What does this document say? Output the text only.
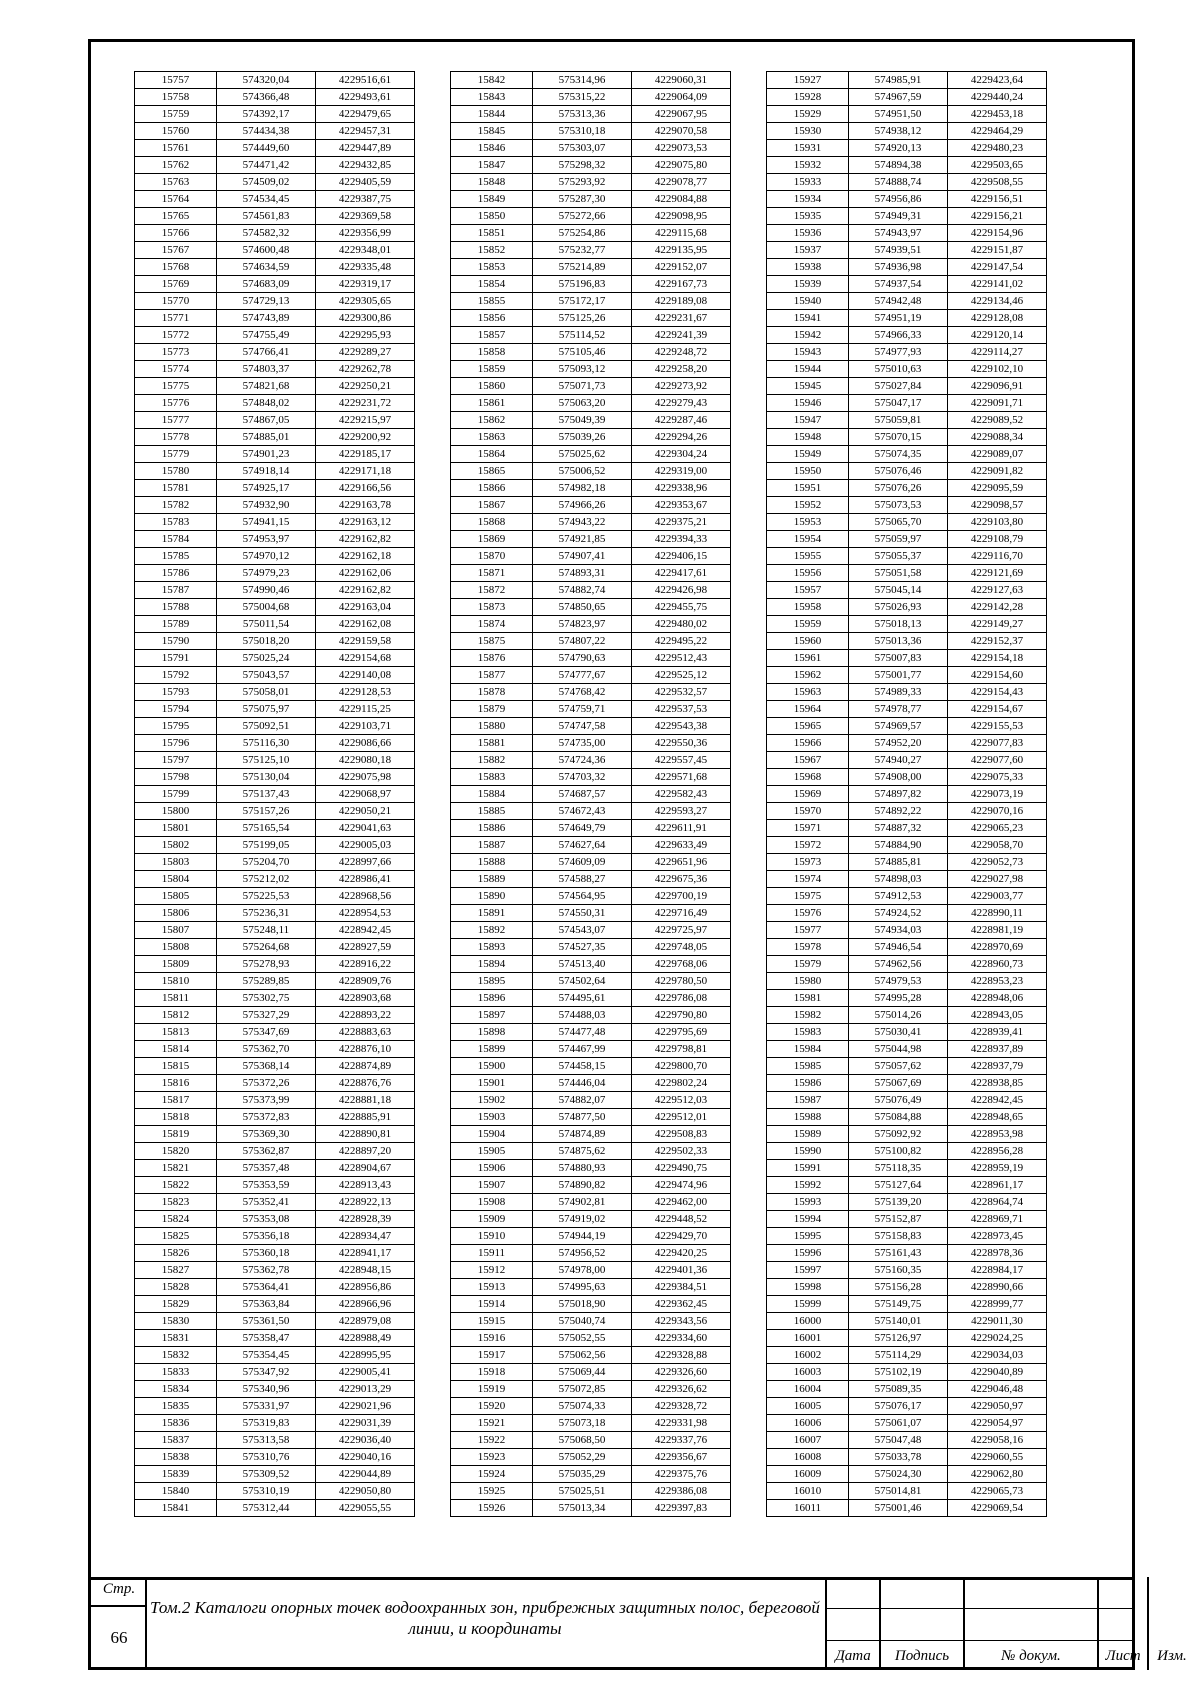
15757	574320,04	4229516,61
15758	574366,48	4229493,61
15759	574392,17	4229479,65
15760	574434,38	4229457,31
15761	574449,60	4229447,89
15762	574471,42	4229432,85
15763	574509,02	4229405,59
15764	574534,45	4229387,75
15765	574561,83	4229369,58
15766	574582,32	4229356,99
15767	574600,48	4229348,01
15768	574634,59	4229335,48
15769	574683,09	4229319,17
15770	574729,13	4229305,65
15771	574743,89	4229300,86
15772	574755,49	4229295,93
15773	574766,41	4229289,27
15774	574803,37	4229262,78
15775	574821,68	4229250,21
15776	574848,02	4229231,72
15777	574867,05	4229215,97
15778	574885,01	4229200,92
15779	574901,23	4229185,17
15780	574918,14	4229171,18
15781	574925,17	4229166,56
15782	574932,90	4229163,78
15783	574941,15	4229163,12
15784	574953,97	4229162,82
15785	574970,12	4229162,18
15786	574979,23	4229162,06
15787	574990,46	4229162,82
15788	575004,68	4229163,04
15789	575011,54	4229162,08
15790	575018,20	4229159,58
15791	575025,24	4229154,68
15792	575043,57	4229140,08
15793	575058,01	4229128,53
15794	575075,97	4229115,25
15795	575092,51	4229103,71
15796	575116,30	4229086,66
15797	575125,10	4229080,18
15798	575130,04	4229075,98
15799	575137,43	4229068,97
15800	575157,26	4229050,21
15801	575165,54	4229041,63
15802	575199,05	4229005,03
15803	575204,70	4228997,66
15804	575212,02	4228986,41
15805	575225,53	4228968,56
15806	575236,31	4228954,53
15807	575248,11	4228942,45
15808	575264,68	4228927,59
15809	575278,93	4228916,22
15810	575289,85	4228909,76
15811	575302,75	4228903,68
15812	575327,29	4228893,22
15813	575347,69	4228883,63
15814	575362,70	4228876,10
15815	575368,14	4228874,89
15816	575372,26	4228876,76
15817	575373,99	4228881,18
15818	575372,83	4228885,91
15819	575369,30	4228890,81
15820	575362,87	4228897,20
15821	575357,48	4228904,67
15822	575353,59	4228913,43
15823	575352,41	4228922,13
15824	575353,08	4228928,39
15825	575356,18	4228934,47
15826	575360,18	4228941,17
15827	575362,78	4228948,15
15828	575364,41	4228956,86
15829	575363,84	4228966,96
15830	575361,50	4228979,08
15831	575358,47	4228988,49
15832	575354,45	4228995,95
15833	575347,92	4229005,41
15834	575340,96	4229013,29
15835	575331,97	4229021,96
15836	575319,83	4229031,39
15837	575313,58	4229036,40
15838	575310,76	4229040,16
15839	575309,52	4229044,89
15840	575310,19	4229050,80
15841	575312,44	4229055,55
15842	575314,96	4229060,31
15843	575315,22	4229064,09
15844	575313,36	4229067,95
15845	575310,18	4229070,58
15846	575303,07	4229073,53
15847	575298,32	4229075,80
15848	575293,92	4229078,77
15849	575287,30	4229084,88
15850	575272,66	4229098,95
15851	575254,86	4229115,68
15852	575232,77	4229135,95
15853	575214,89	4229152,07
15854	575196,83	4229167,73
15855	575172,17	4229189,08
15856	575125,26	4229231,67
15857	575114,52	4229241,39
15858	575105,46	4229248,72
15859	575093,12	4229258,20
15860	575071,73	4229273,92
15861	575063,20	4229279,43
15862	575049,39	4229287,46
15863	575039,26	4229294,26
15864	575025,62	4229304,24
15865	575006,52	4229319,00
15866	574982,18	4229338,96
15867	574966,26	4229353,67
15868	574943,22	4229375,21
15869	574921,85	4229394,33
15870	574907,41	4229406,15
15871	574893,31	4229417,61
15872	574882,74	4229426,98
15873	574850,65	4229455,75
15874	574823,97	4229480,02
15875	574807,22	4229495,22
15876	574790,63	4229512,43
15877	574777,67	4229525,12
15878	574768,42	4229532,57
15879	574759,71	4229537,53
15880	574747,58	4229543,38
15881	574735,00	4229550,36
15882	574724,36	4229557,45
15883	574703,32	4229571,68
15884	574687,57	4229582,43
15885	574672,43	4229593,27
15886	574649,79	4229611,91
15887	574627,64	4229633,49
15888	574609,09	4229651,96
15889	574588,27	4229675,36
15890	574564,95	4229700,19
15891	574550,31	4229716,49
15892	574543,07	4229725,97
15893	574527,35	4229748,05
15894	574513,40	4229768,06
15895	574502,64	4229780,50
15896	574495,61	4229786,08
15897	574488,03	4229790,80
15898	574477,48	4229795,69
15899	574467,99	4229798,81
15900	574458,15	4229800,70
15901	574446,04	4229802,24
15902	574882,07	4229512,03
15903	574877,50	4229512,01
15904	574874,89	4229508,83
15905	574875,62	4229502,33
15906	574880,93	4229490,75
15907	574890,82	4229474,96
15908	574902,81	4229462,00
15909	574919,02	4229448,52
15910	574944,19	4229429,70
15911	574956,52	4229420,25
15912	574978,00	4229401,36
15913	574995,63	4229384,51
15914	575018,90	4229362,45
15915	575040,74	4229343,56
15916	575052,55	4229334,60
15917	575062,56	4229328,88
15918	575069,44	4229326,60
15919	575072,85	4229326,62
15920	575074,33	4229328,72
15921	575073,18	4229331,98
15922	575068,50	4229337,76
15923	575052,29	4229356,67
15924	575035,29	4229375,76
15925	575025,51	4229386,08
15926	575013,34	4229397,83
15927	574985,91	4229423,64
15928	574967,59	4229440,24
15929	574951,50	4229453,18
15930	574938,12	4229464,29
15931	574920,13	4229480,23
15932	574894,38	4229503,65
15933	574888,74	4229508,55
15934	574956,86	4229156,51
15935	574949,31	4229156,21
15936	574943,97	4229154,96
15937	574939,51	4229151,87
15938	574936,98	4229147,54
15939	574937,54	4229141,02
15940	574942,48	4229134,46
15941	574951,19	4229128,08
15942	574966,33	4229120,14
15943	574977,93	4229114,27
15944	575010,63	4229102,10
15945	575027,84	4229096,91
15946	575047,17	4229091,71
15947	575059,81	4229089,52
15948	575070,15	4229088,34
15949	575074,35	4229089,07
15950	575076,46	4229091,82
15951	575076,26	4229095,59
15952	575073,53	4229098,57
15953	575065,70	4229103,80
15954	575059,97	4229108,79
15955	575055,37	4229116,70
15956	575051,58	4229121,69
15957	575045,14	4229127,63
15958	575026,93	4229142,28
15959	575018,13	4229149,27
15960	575013,36	4229152,37
15961	575007,83	4229154,18
15962	575001,77	4229154,60
15963	574989,33	4229154,43
15964	574978,77	4229154,67
15965	574969,57	4229155,53
15966	574952,20	4229077,83
15967	574940,27	4229077,60
15968	574908,00	4229075,33
15969	574897,82	4229073,19
15970	574892,22	4229070,16
15971	574887,32	4229065,23
15972	574884,90	4229058,70
15973	574885,81	4229052,73
15974	574898,03	4229027,98
15975	574912,53	4229003,77
15976	574924,52	4228990,11
15977	574934,03	4228981,19
15978	574946,54	4228970,69
15979	574962,56	4228960,73
15980	574979,53	4228953,23
15981	574995,28	4228948,06
15982	575014,26	4228943,05
15983	575030,41	4228939,41
15984	575044,98	4228937,89
15985	575057,62	4228937,79
15986	575067,69	4228938,85
15987	575076,49	4228942,45
15988	575084,88	4228948,65
15989	575092,92	4228953,98
15990	575100,82	4228956,28
15991	575118,35	4228959,19
15992	575127,64	4228961,17
15993	575139,20	4228964,74
15994	575152,87	4228969,71
15995	575158,83	4228973,45
15996	575161,43	4228978,36
15997	575160,35	4228984,17
15998	575156,28	4228990,66
15999	575149,75	4228999,77
16000	575140,01	4229011,30
16001	575126,97	4229024,25
16002	575114,29	4229034,03
16003	575102,19	4229040,89
16004	575089,35	4229046,48
16005	575076,17	4229050,97
16006	575061,07	4229054,97
16007	575047,48	4229058,16
16008	575033,78	4229060,55
16009	575024,30	4229062,80
16010	575014,81	4229065,73
16011	575001,46	4229069,54
Стр.
66
Том.2 Каталоги опорных точек водоохранных зон, прибрежных защитных полос, береговой линии, и координаты
Дата	Подпись	№ докум.	Лист	Изм.
